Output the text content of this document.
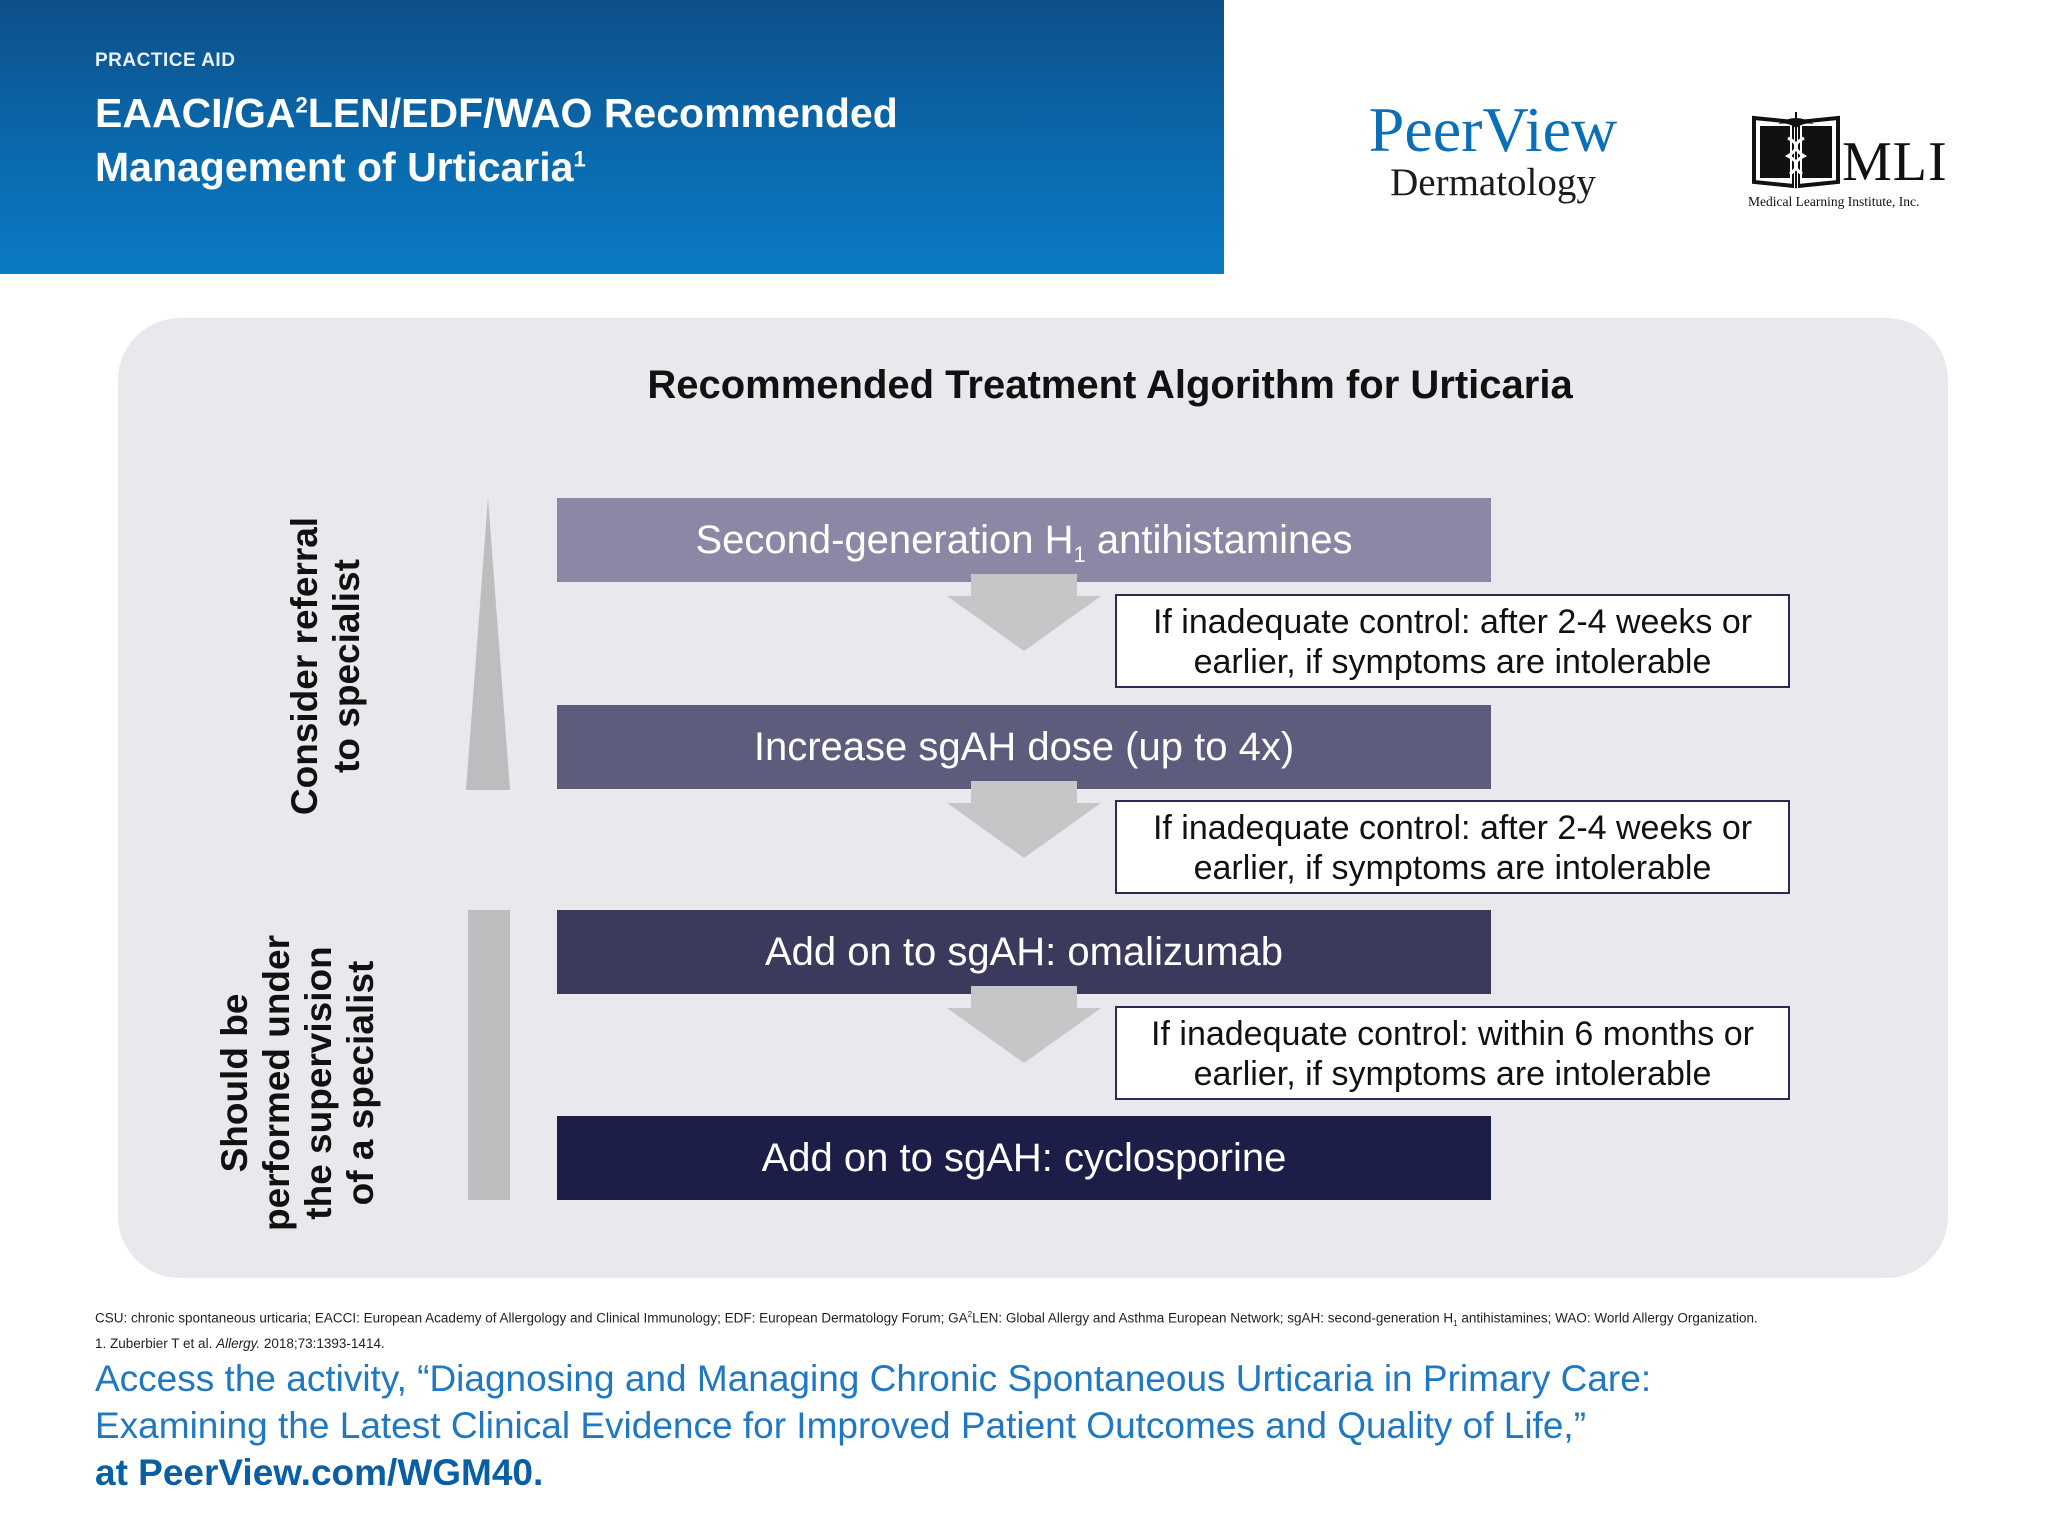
PRACTICE AID
EAACI/$GA^2LEN/EDF$/WAO Recommended
Management of Urticaria$^1$	PeerView
Dermatology	MLI
Medical Learning Institute, Inc.
Recommended Treatment Algorithm for Urticaria
Consider referral to specialist
Should be performed under the supervision of a specialist
Second-generation $H_1$ antihistamines
Increase sgAH dose (up to 4x)
Add on to sgAH: omalizumab
Add on to sgAH: cyclosporine
If inadequate control: after 2-4 weeks or
earlier, if symptoms are intolerable
If inadequate control: after 2-4 weeks or
earlier, if symptoms are intolerable
If inadequate control: within 6 months or
earlier, if symptoms are intolerable
CSU: chronic spontaneous urticaria; EACCI: European Academy of Allergology and Clinical Immunology; EDF: European Dermatology Forum; $GA^2LEN$: Global Allergy and Asthma European Network; sgAH: second-generation $H_1$ antihistamines; WAO: World Allergy Organization.
1. Zuberbier T et al. Allergy. 2018;73:1393-1414.
Access the activity, “Diagnosing and Managing Chronic Spontaneous Urticaria in Primary Care:
Examining the Latest Clinical Evidence for Improved Patient Outcomes and Quality of Life,”
at PeerView.com/WGM40.
